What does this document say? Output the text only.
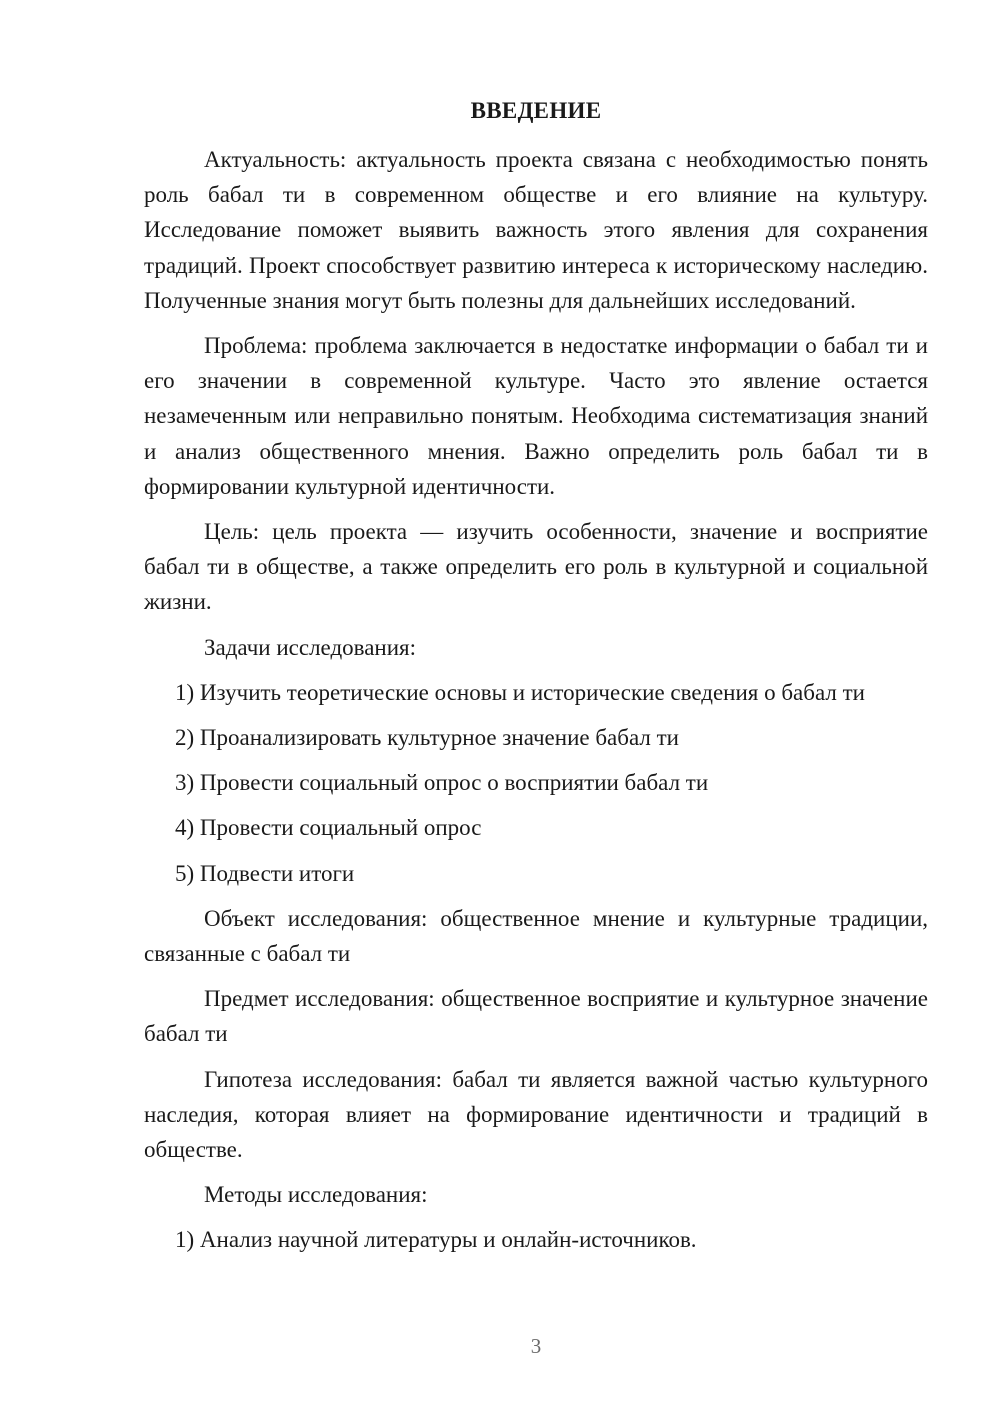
ВВЕДЕНИЕ

Актуальность: актуальность проекта связана с необходимостью понять роль бабал ти в современном обществе и его влияние на культуру. Исследование поможет выявить важность этого явления для сохранения традиций. Проект способствует развитию интереса к историческому наследию. Полученные знания могут быть полезны для дальнейших исследований.

Проблема: проблема заключается в недостатке информации о бабал ти и его значении в современной культуре. Часто это явление остается незамеченным или неправильно понятым. Необходима систематизация знаний и анализ общественного мнения. Важно определить роль бабал ти в формировании культурной идентичности.

Цель: цель проекта — изучить особенности, значение и восприятие бабал ти в обществе, а также определить его роль в культурной и социальной жизни.

Задачи исследования:

1) Изучить теоретические основы и исторические сведения о бабал ти

2) Проанализировать культурное значение бабал ти

3) Провести социальный опрос о восприятии бабал ти

4) Провести социальный опрос

5) Подвести итоги

Объект исследования: общественное мнение и культурные традиции, связанные с бабал ти

Предмет исследования: общественное восприятие и культурное значение бабал ти

Гипотеза исследования: бабал ти является важной частью культурного наследия, которая влияет на формирование идентичности и традиций в обществе.

Методы исследования:

1) Анализ научной литературы и онлайн-источников.

3
